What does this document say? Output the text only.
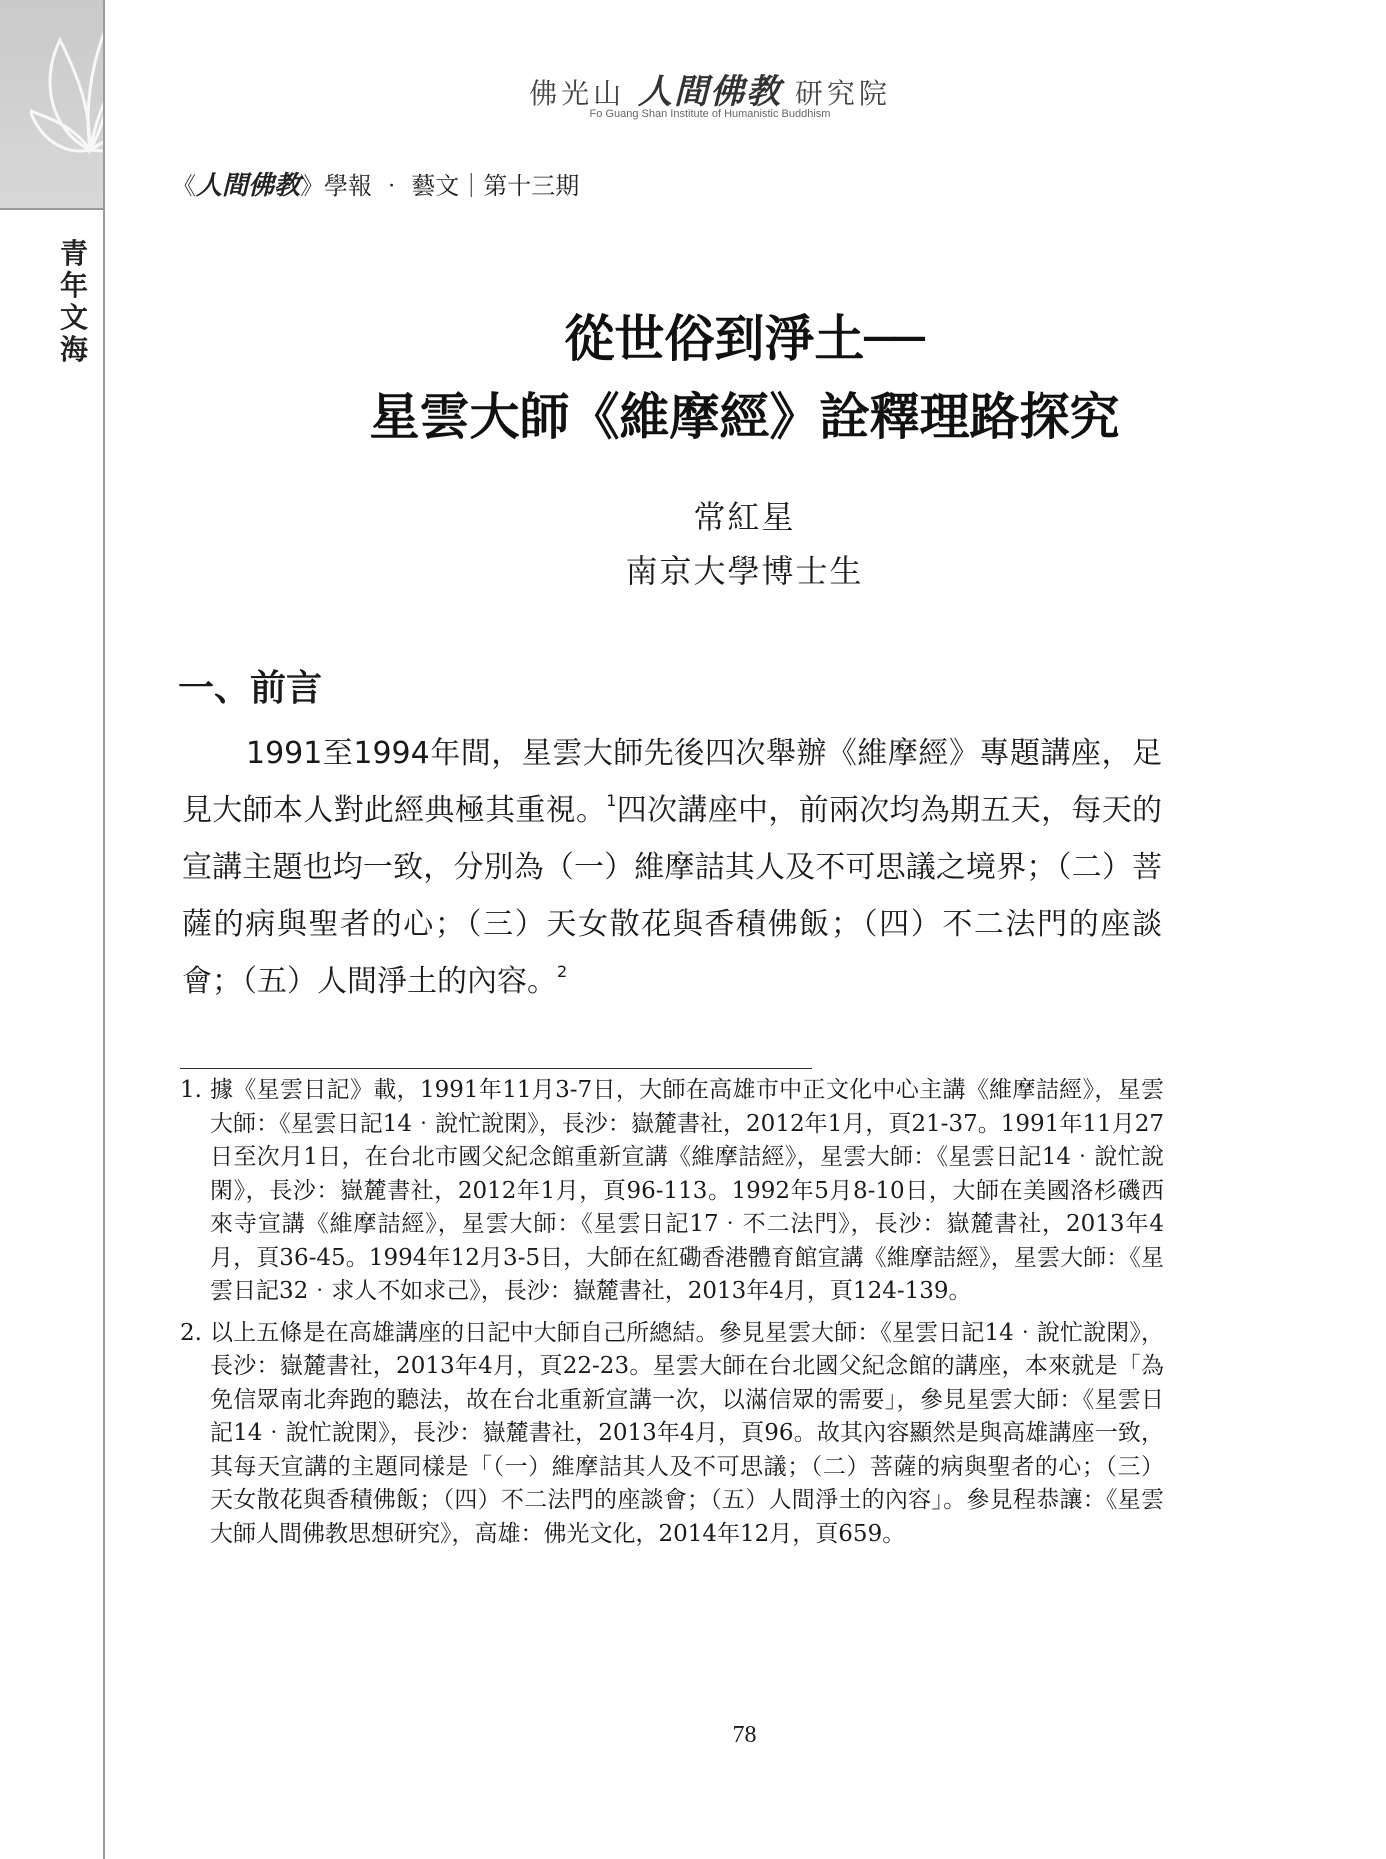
青
年
文
海
佛光山 人間佛教 研究院
Fo Guang Shan Institute of Humanistic Buddhism
《人間佛教》學報 ‧ 藝文｜第十三期
從世俗到淨土──
星雲大師《維摩經》詮釋理路探究
常紅星
南京大學博士生
一、前言
1991至1994年間，星雲大師先後四次舉辦《維摩經》專題講座，足見大師本人對此經典極其重視。$^1$四次講座中，前兩次均為期五天，每天的宣講主題也均一致，分別為（一）維摩詰其人及不可思議之境界；（二）菩薩的病與聖者的心；（三）天女散花與香積佛飯；（四）不二法門的座談會；（五）人間淨土的內容。$^2$
1. 據《星雲日記》載，1991年11月3-7日，大師在高雄市中正文化中心主講《維摩詰經》，星雲大師：《星雲日記14‧說忙說閑》，長沙：嶽麓書社，2012年1月，頁21-37。1991年11月27日至次月1日，在台北市國父紀念館重新宣講《維摩詰經》，星雲大師：《星雲日記14‧說忙說閑》，長沙：嶽麓書社，2012年1月，頁96-113。1992年5月8-10日，大師在美國洛杉磯西來寺宣講《維摩詰經》，星雲大師：《星雲日記17‧不二法門》，長沙：嶽麓書社，2013年4月，頁36-45。1994年12月3-5日，大師在紅磡香港體育館宣講《維摩詰經》，星雲大師：《星雲日記32‧求人不如求己》，長沙：嶽麓書社，2013年4月，頁124-139。
2. 以上五條是在高雄講座的日記中大師自己所總結。參見星雲大師：《星雲日記14‧說忙說閑》，長沙：嶽麓書社，2013年4月，頁22-23。星雲大師在台北國父紀念館的講座，本來就是「為免信眾南北奔跑的聽法，故在台北重新宣講一次，以滿信眾的需要」，參見星雲大師：《星雲日記14‧說忙說閑》，長沙：嶽麓書社，2013年4月，頁96。故其內容顯然是與高雄講座一致，其每天宣講的主題同樣是「（一）維摩詰其人及不可思議；（二）菩薩的病與聖者的心；（三）天女散花與香積佛飯；（四）不二法門的座談會；（五）人間淨土的內容」。參見程恭讓：《星雲大師人間佛教思想研究》，高雄：佛光文化，2014年12月，頁659。
78
